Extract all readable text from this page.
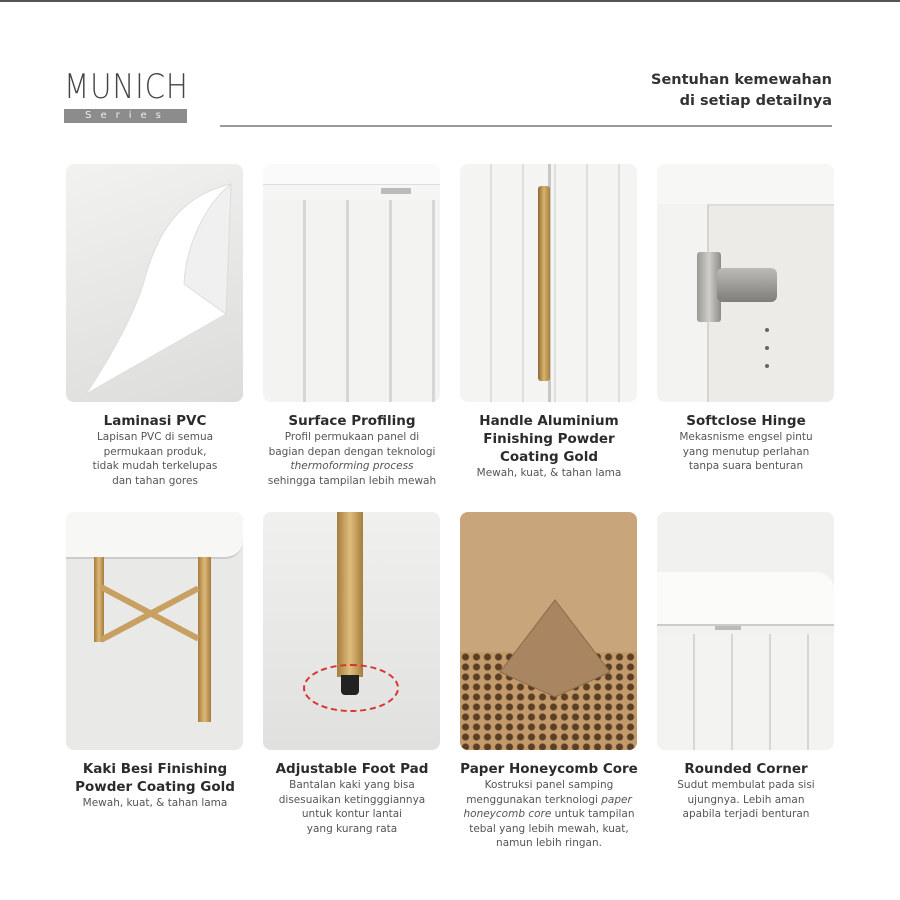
MUNICH
Series
Sentuhan kemewahan
di setiap detailnya
Laminasi PVC
Lapisan PVC di semua
permukaan produk,
tidak mudah terkelupas
dan tahan gores
Surface Profiling
Profil permukaan panel di
bagian depan dengan teknologi
thermoforming process
sehingga tampilan lebih mewah
Handle Aluminium
Finishing Powder
Coating Gold
Mewah, kuat, & tahan lama
Softclose Hinge
Mekasnisme engsel pintu
yang menutup perlahan
tanpa suara benturan
Kaki Besi Finishing
Powder Coating Gold
Mewah, kuat, & tahan lama
Adjustable Foot Pad
Bantalan kaki yang bisa
disesuaikan ketingggiannya
untuk kontur lantai
yang kurang rata
Paper Honeycomb Core
Kostruksi panel samping
menggunakan terknologi paper
honeycomb core untuk tampilan
tebal yang lebih mewah, kuat,
namun lebih ringan.
Rounded Corner
Sudut membulat pada sisi
ujungnya. Lebih aman
apabila terjadi benturan
